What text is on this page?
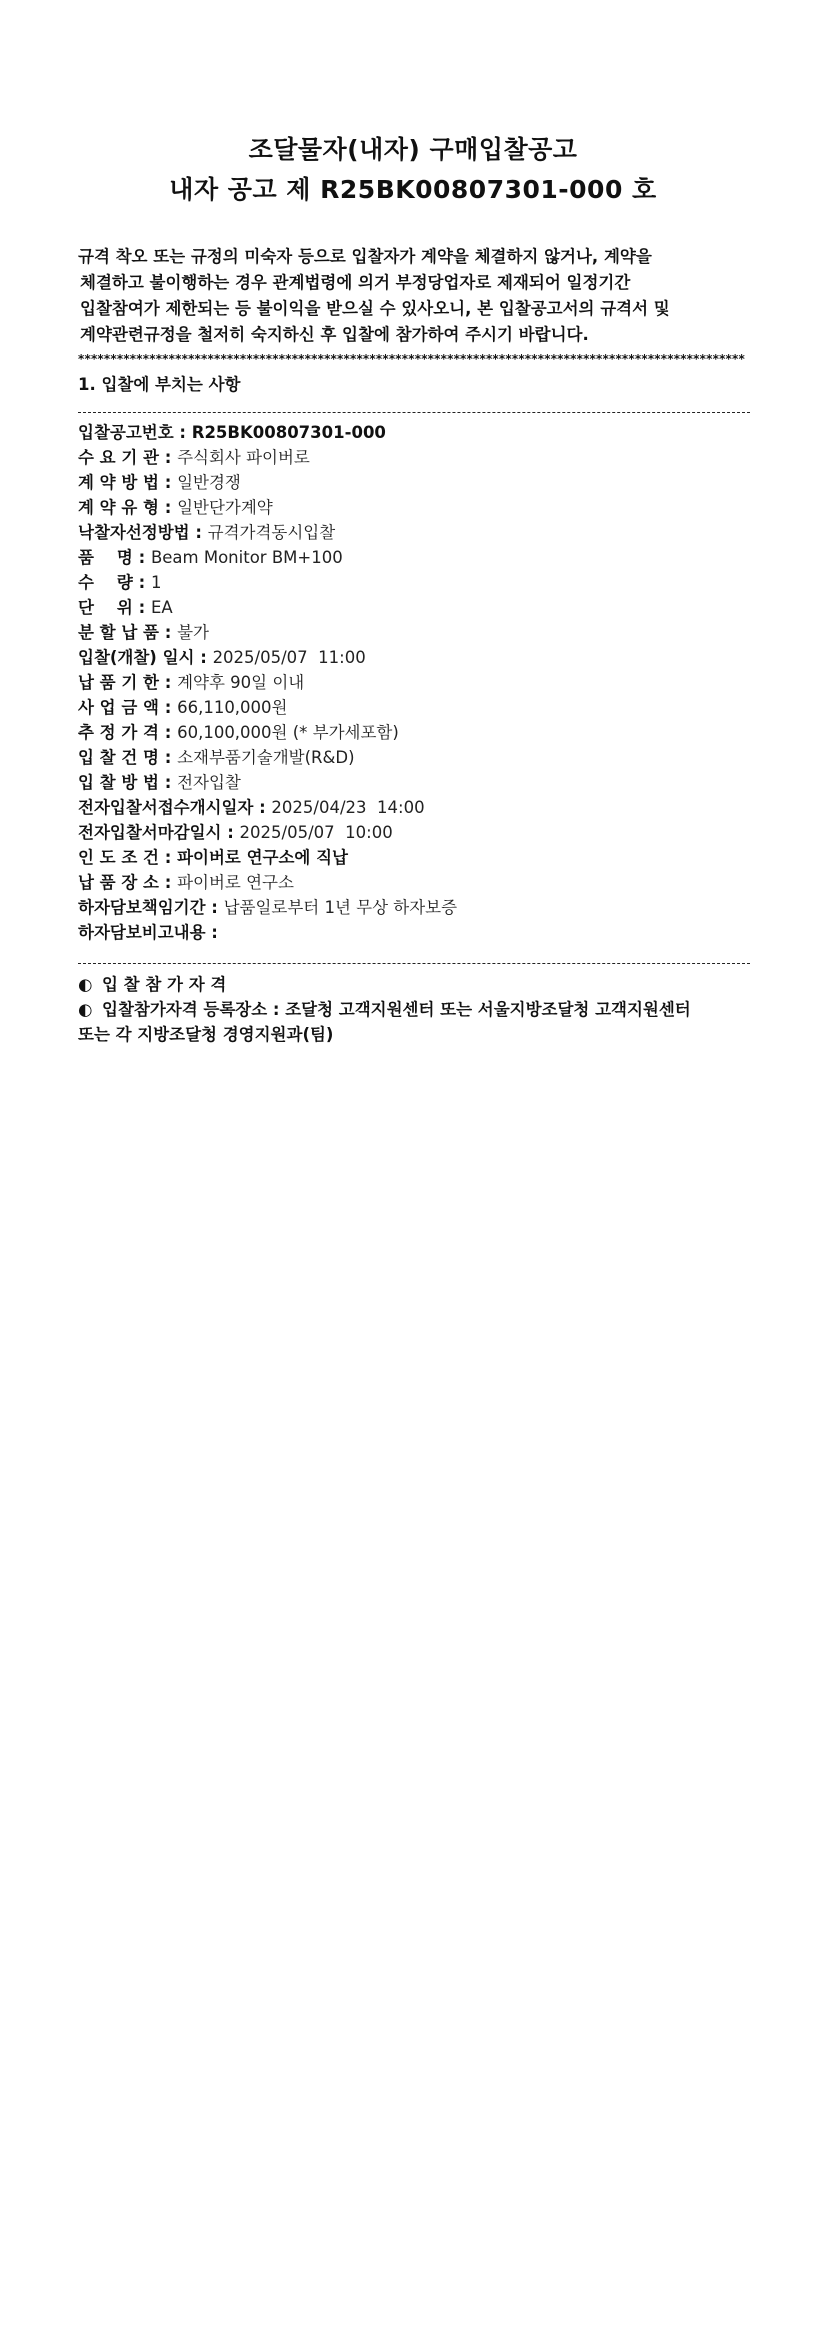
조달물자(내자) 구매입찰공고
내자 공고 제 R25BK00807301-000 호
규격 착오 또는 규정의 미숙자 등으로 입찰자가 계약을 체결하지 않거나, 계약을
체결하고 불이행하는 경우 관계법령에 의거 부정당업자로 제재되어 일정기간
입찰참여가 제한되는 등 불이익을 받으실 수 있사오니, 본 입찰공고서의 규격서 및
계약관련규정을 철저히 숙지하신 후 입찰에 참가하여 주시기 바랍니다.
*******************************************************************************************************
1. 입찰에 부치는 사항
입찰공고번호 : R25BK00807301-000
수 요 기 관 : 주식회사 파이버로
계 약 방 법 : 일반경쟁
계 약 유 형 : 일반단가계약
낙찰자선정방법 : 규격가격동시입찰
품    명 : Beam Monitor BM+100
수    량 : 1
단    위 : EA
분 할 납 품 : 불가
입찰(개찰) 일시 : 2025/05/07  11:00
납 품 기 한 : 계약후 90일 이내
사 업 금 액 : 66,110,000원
추 정 가 격 : 60,100,000원 (* 부가세포함)
입 찰 건 명 : 소재부품기술개발(R&D)
입 찰 방 법 : 전자입찰
전자입찰서접수개시일자 : 2025/04/23  14:00
전자입찰서마감일시 : 2025/05/07  10:00
인 도 조 건 : 파이버로 연구소에 직납
납 품 장 소 : 파이버로 연구소
하자담보책임기간 : 납품일로부터 1년 무상 하자보증
하자담보비고내용 :
◐ 입 찰 참 가 자 격
◐ 입찰참가자격 등록장소 : 조달청 고객지원센터 또는 서울지방조달청 고객지원센터
또는 각 지방조달청 경영지원과(팀)
